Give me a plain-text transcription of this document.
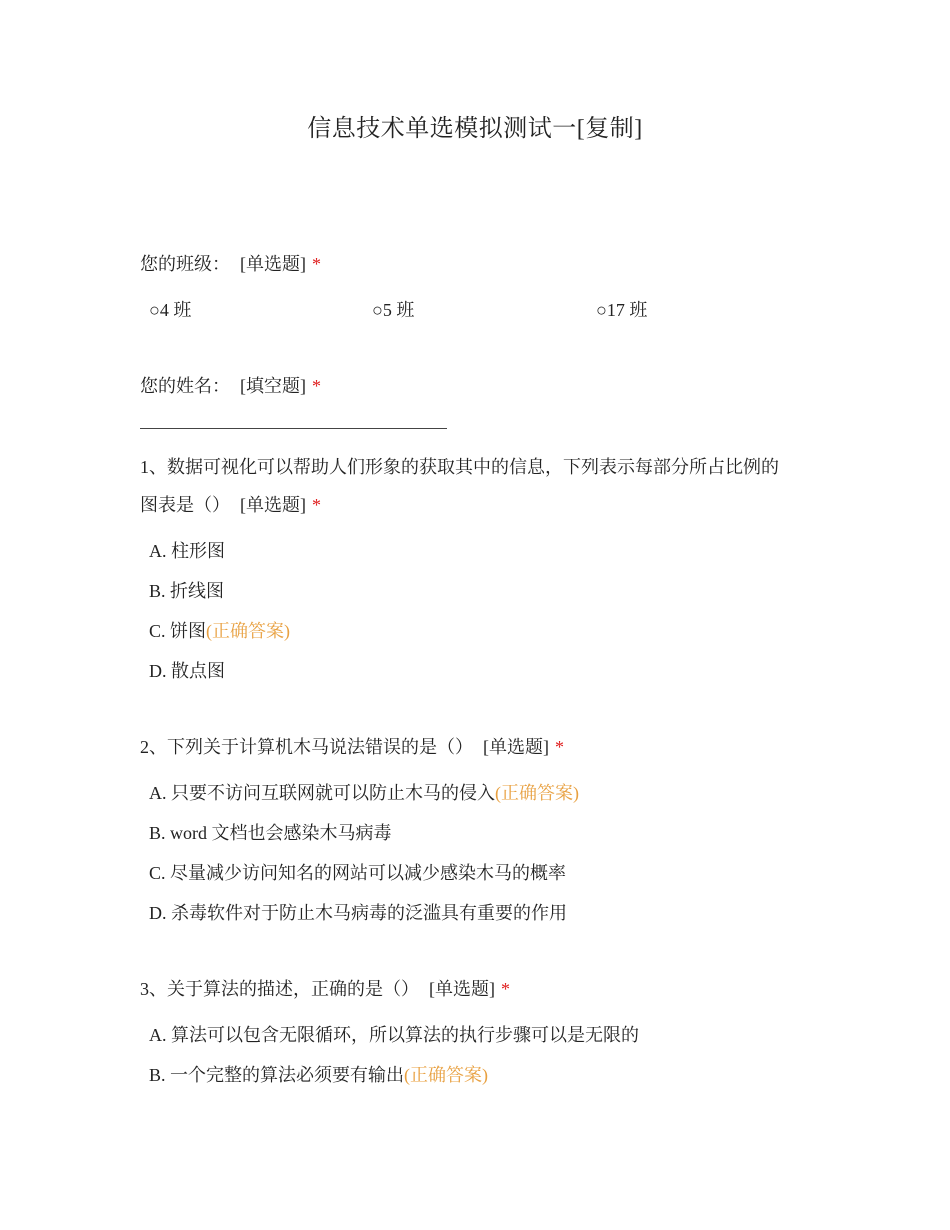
信息技术单选模拟测试一[复制]
您的班级： [单选题] *
○4 班	○5 班	○17 班
您的姓名： [填空题] *
1、数据可视化可以帮助人们形象的获取其中的信息，下列表示每部分所占比例的
图表是（） [单选题] *
A. 柱形图
B. 折线图
C. 饼图(正确答案)
D. 散点图
2、下列关于计算机木马说法错误的是（） [单选题] *
A. 只要不访问互联网就可以防止木马的侵入(正确答案)
B. word 文档也会感染木马病毒
C. 尽量减少访问知名的网站可以减少感染木马的概率
D. 杀毒软件对于防止木马病毒的泛滥具有重要的作用
3、关于算法的描述，正确的是（） [单选题] *
A. 算法可以包含无限循环，所以算法的执行步骤可以是无限的
B. 一个完整的算法必须要有输出(正确答案)
